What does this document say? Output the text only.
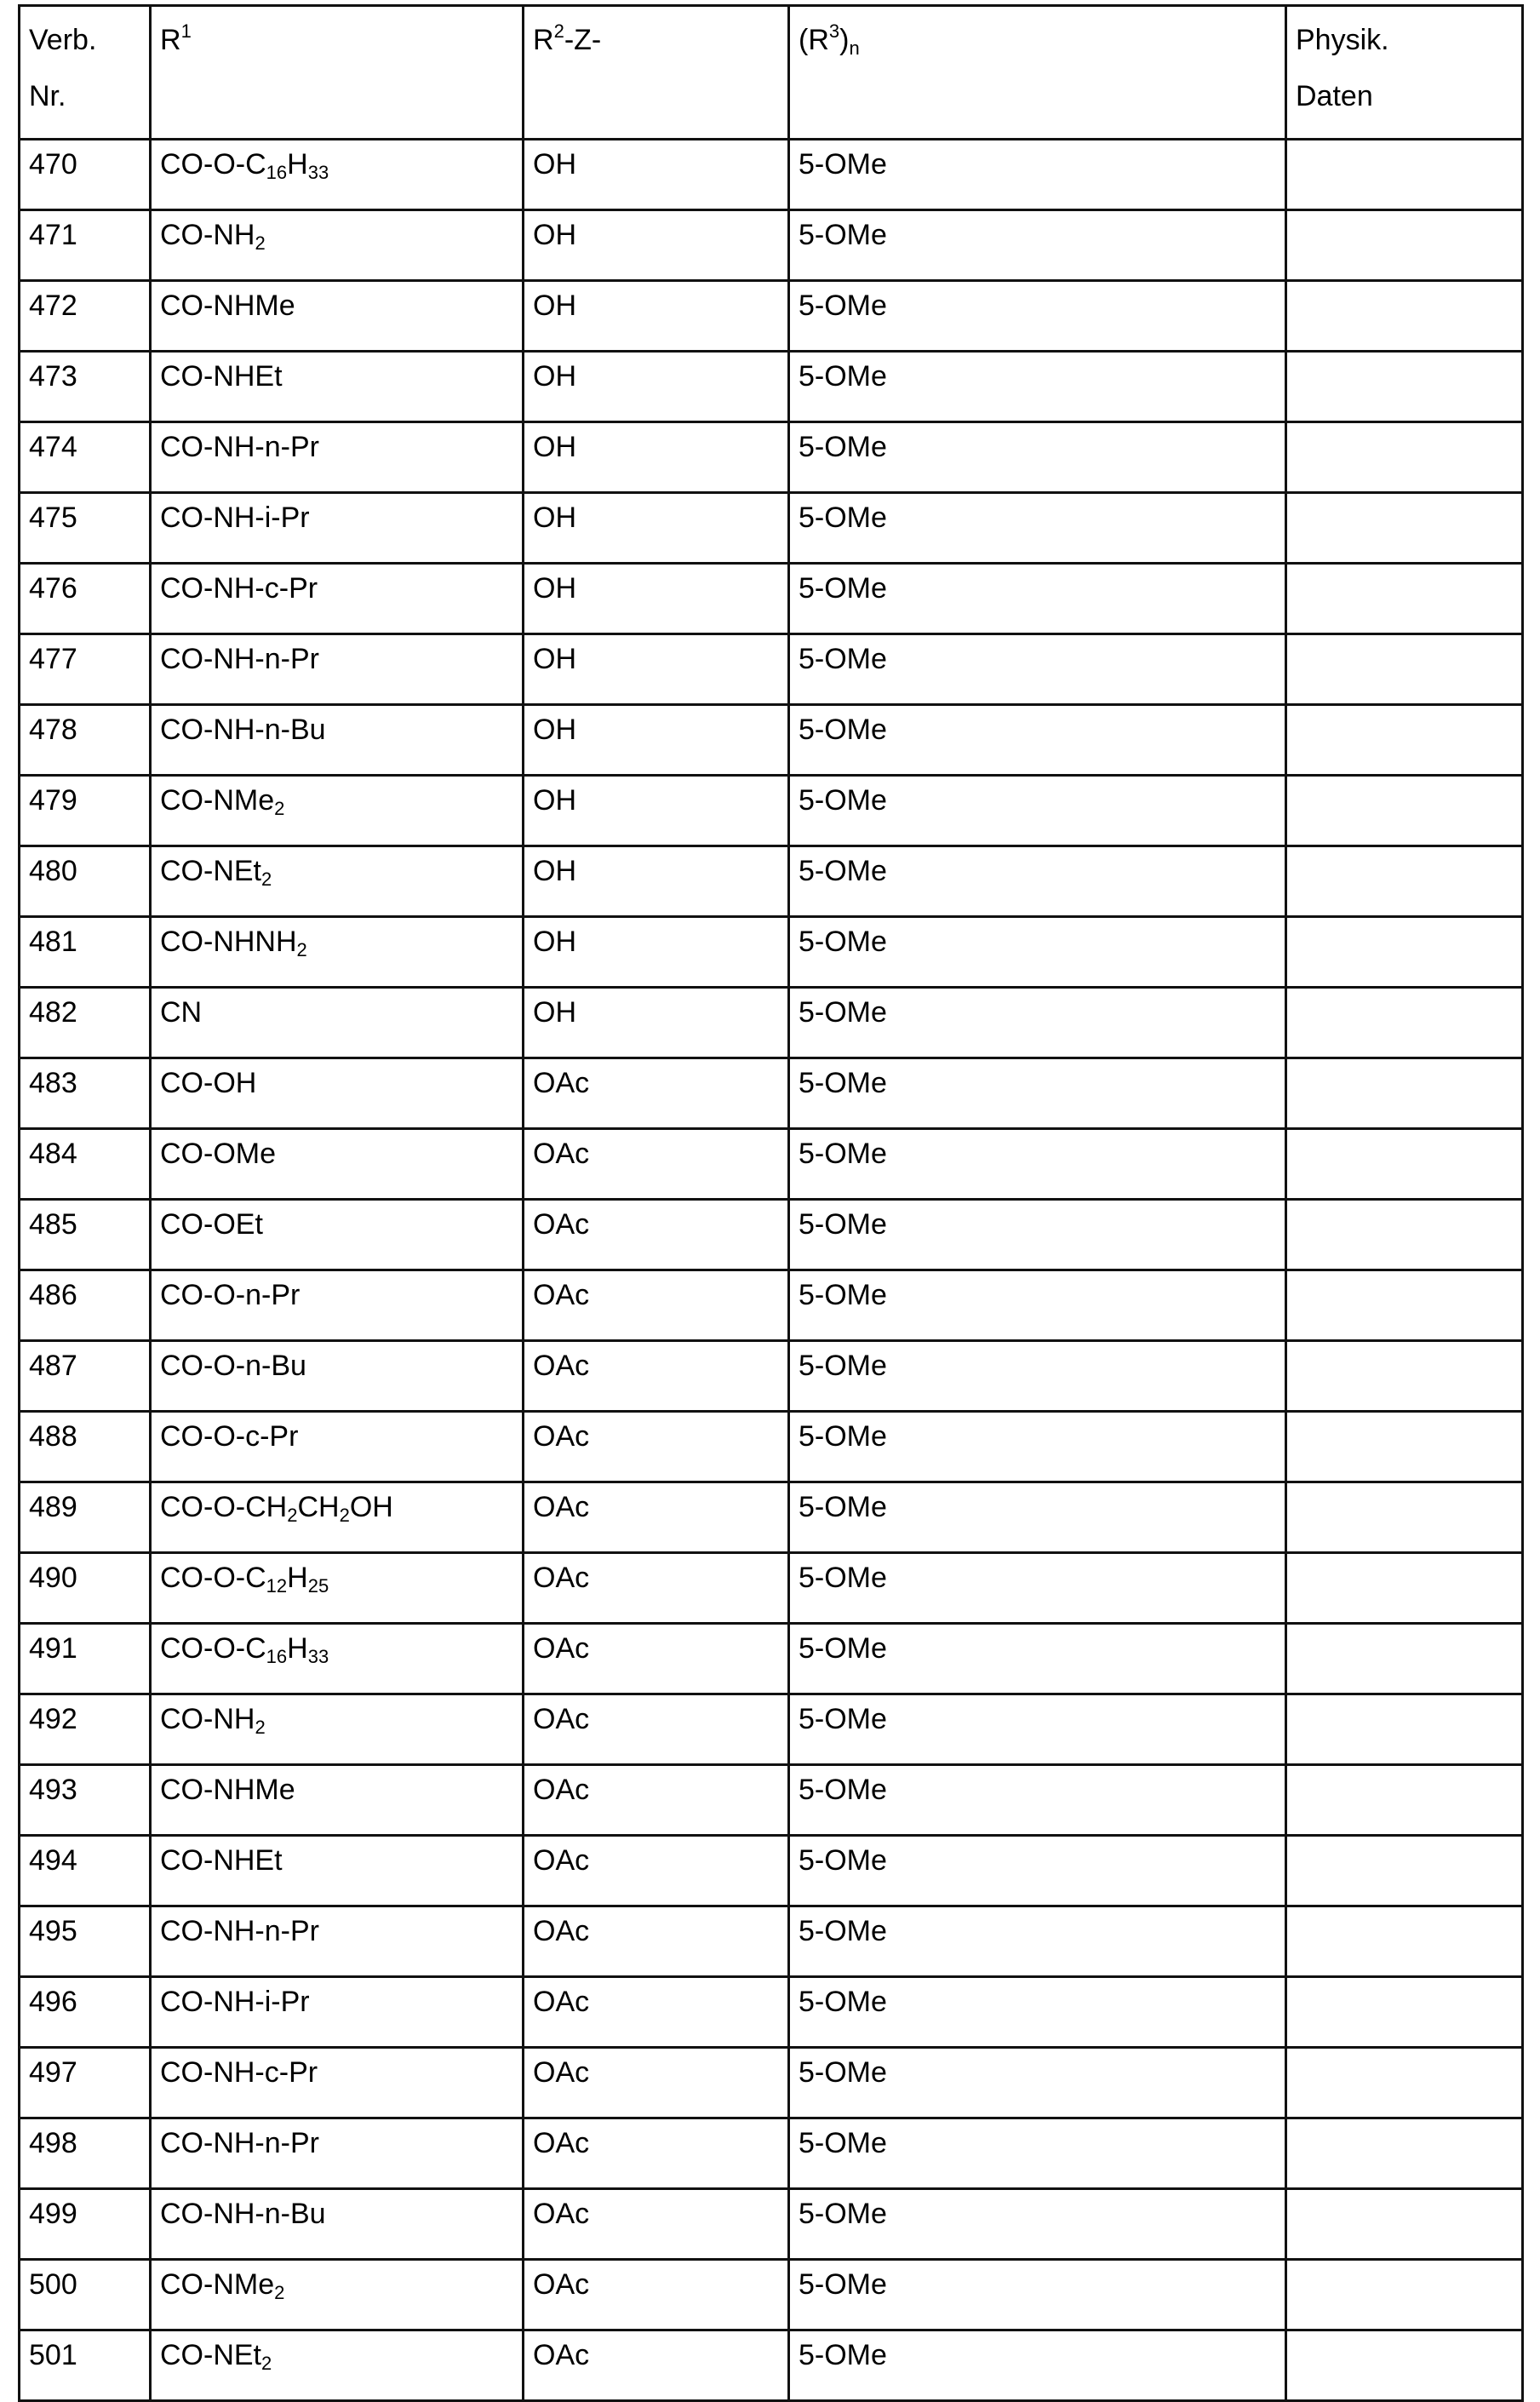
Verb.
Nr.	R1	R2-Z-	(R3)n	Physik.
Daten
470	CO-O-C16H33	OH	5-OMe	
471	CO-NH2	OH	5-OMe	
472	CO-NHMe	OH	5-OMe	
473	CO-NHEt	OH	5-OMe	
474	CO-NH-n-Pr	OH	5-OMe	
475	CO-NH-i-Pr	OH	5-OMe	
476	CO-NH-c-Pr	OH	5-OMe	
477	CO-NH-n-Pr	OH	5-OMe	
478	CO-NH-n-Bu	OH	5-OMe	
479	CO-NMe2	OH	5-OMe	
480	CO-NEt2	OH	5-OMe	
481	CO-NHNH2	OH	5-OMe	
482	CN	OH	5-OMe	
483	CO-OH	OAc	5-OMe	
484	CO-OMe	OAc	5-OMe	
485	CO-OEt	OAc	5-OMe	
486	CO-O-n-Pr	OAc	5-OMe	
487	CO-O-n-Bu	OAc	5-OMe	
488	CO-O-c-Pr	OAc	5-OMe	
489	CO-O-CH2CH2OH	OAc	5-OMe	
490	CO-O-C12H25	OAc	5-OMe	
491	CO-O-C16H33	OAc	5-OMe	
492	CO-NH2	OAc	5-OMe	
493	CO-NHMe	OAc	5-OMe	
494	CO-NHEt	OAc	5-OMe	
495	CO-NH-n-Pr	OAc	5-OMe	
496	CO-NH-i-Pr	OAc	5-OMe	
497	CO-NH-c-Pr	OAc	5-OMe	
498	CO-NH-n-Pr	OAc	5-OMe	
499	CO-NH-n-Bu	OAc	5-OMe	
500	CO-NMe2	OAc	5-OMe	
501	CO-NEt2	OAc	5-OMe	
